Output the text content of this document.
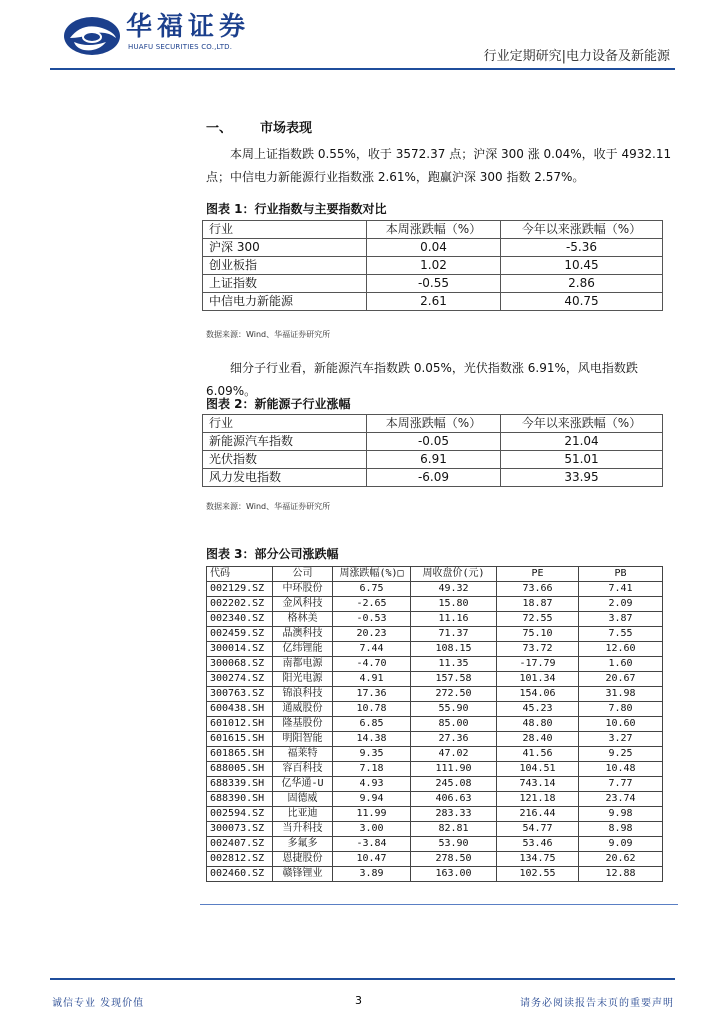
华福证券
HUAFU SECURITIES CO.,LTD.
行业定期研究|电力设备及新能源
一、 市场表现

本周上证指数跌 0.55%，收于 3572.37 点；沪深 300 涨 0.04%，收于 4932.11 点；中信电力新能源行业指数涨 2.61%，跑赢沪深 300 指数 2.57%。

图表 1：行业指数与主要指数对比
行业	本周涨跌幅（%）	今年以来涨跌幅（%）
沪深 300	0.04	-5.36
创业板指	1.02	10.45
上证指数	-0.55	2.86
中信电力新能源	2.61	40.75
数据来源：Wind、华福证券研究所

细分子行业看，新能源汽车指数跌 0.05%，光伏指数涨 6.91%，风电指数跌 6.09%。

图表 2：新能源子行业涨幅
行业	本周涨跌幅（%）	今年以来涨跌幅（%）
新能源汽车指数	-0.05	21.04
光伏指数	6.91	51.01
风力发电指数	-6.09	33.95
数据来源：Wind、华福证券研究所
图表 3：部分公司涨跌幅
代码	公司	周涨跌幅(%)□	周收盘价(元)	PE	PB
002129.SZ	中环股份	6.75	49.32	73.66	7.41
002202.SZ	金风科技	-2.65	15.80	18.87	2.09
002340.SZ	格林美	-0.53	11.16	72.55	3.87
002459.SZ	晶澳科技	20.23	71.37	75.10	7.55
300014.SZ	亿纬锂能	7.44	108.15	73.72	12.60
300068.SZ	南都电源	-4.70	11.35	-17.79	1.60
300274.SZ	阳光电源	4.91	157.58	101.34	20.67
300763.SZ	锦浪科技	17.36	272.50	154.06	31.98
600438.SH	通威股份	10.78	55.90	45.23	7.80
601012.SH	隆基股份	6.85	85.00	48.80	10.60
601615.SH	明阳智能	14.38	27.36	28.40	3.27
601865.SH	福莱特	9.35	47.02	41.56	9.25
688005.SH	容百科技	7.18	111.90	104.51	10.48
688339.SH	亿华通-U	4.93	245.08	743.14	7.77
688390.SH	固德威	9.94	406.63	121.18	23.74
002594.SZ	比亚迪	11.99	283.33	216.44	9.98
300073.SZ	当升科技	3.00	82.81	54.77	8.98
002407.SZ	多氟多	-3.84	53.90	53.46	9.09
002812.SZ	恩捷股份	10.47	278.50	134.75	20.62
002460.SZ	赣锋锂业	3.89	163.00	102.55	12.88
诚信专业 发现价值	3	请务必阅读报告末页的重要声明
